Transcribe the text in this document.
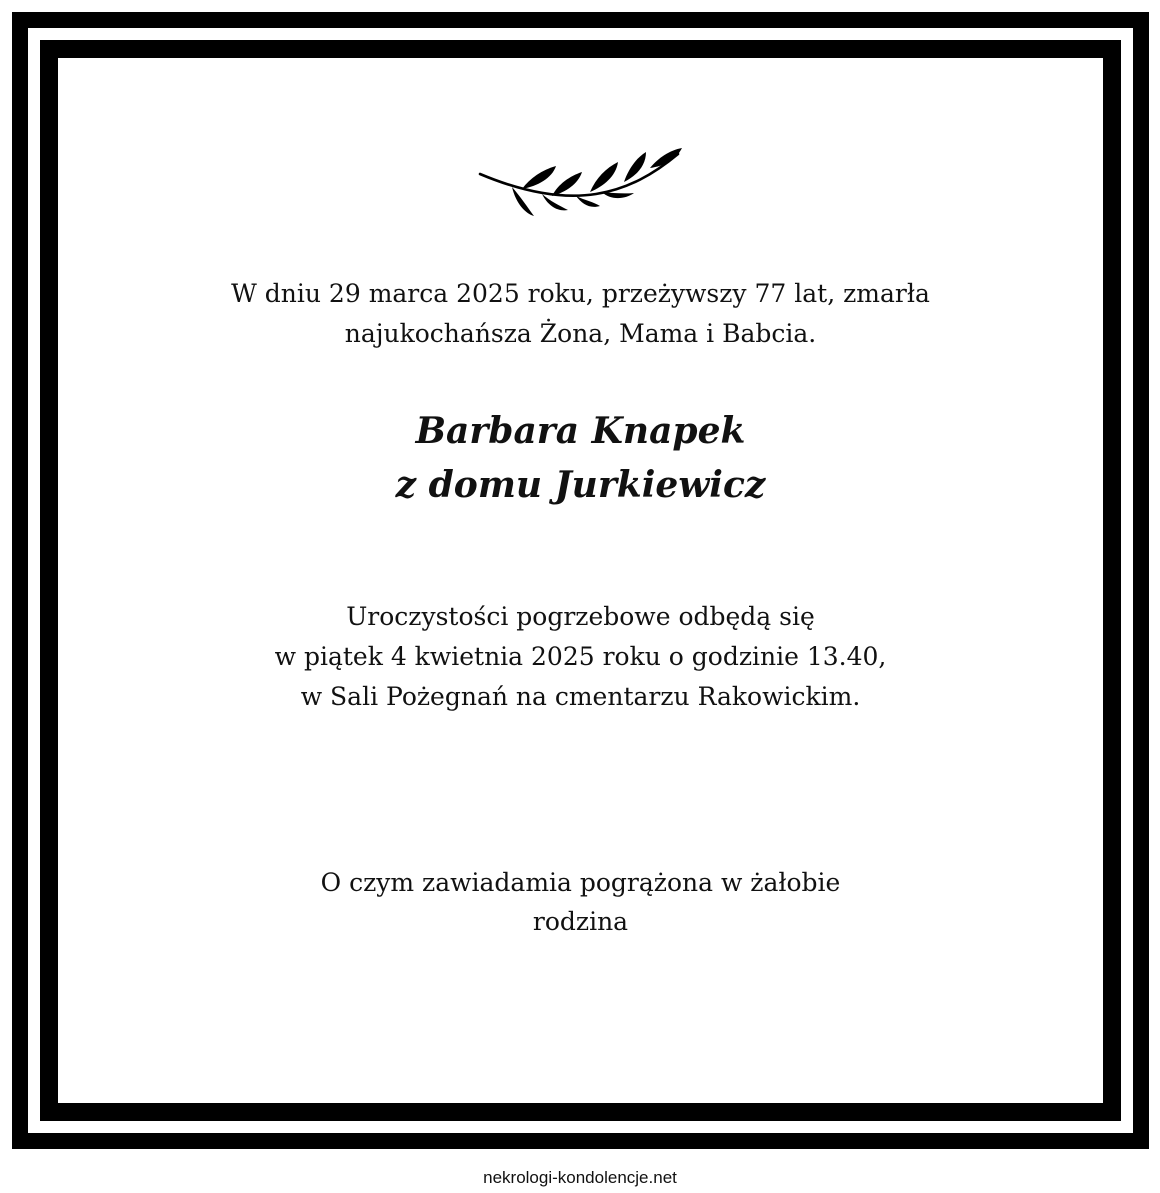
W dniu 29 marca 2025 roku, przeżywszy 77 lat, zmarła
najukochańsza Żona, Mama i Babcia.
Barbara Knapek
z domu Jurkiewicz
Uroczystości pogrzebowe odbędą się
w piątek 4 kwietnia 2025 roku o godzinie 13.40,
w Sali Pożegnań na cmentarzu Rakowickim.
O czym zawiadamia pogrążona w żałobie
rodzina
nekrologi-kondolencje.net
